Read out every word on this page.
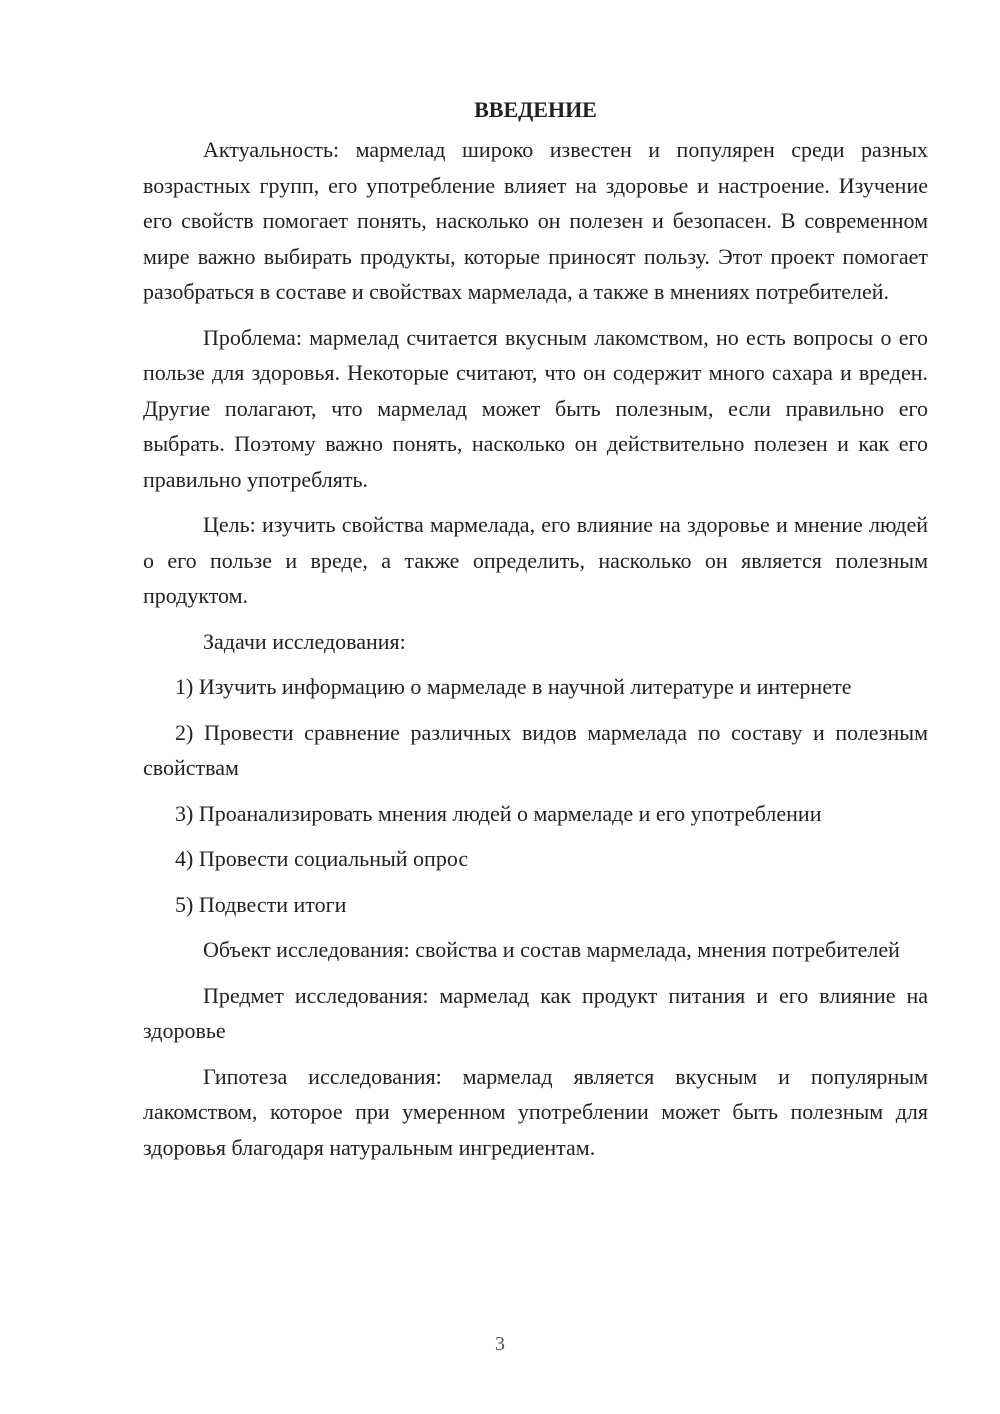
ВВЕДЕНИЕ

Актуальность: мармелад широко известен и популярен среди разных возрастных групп, его употребление влияет на здоровье и настроение. Изучение его свойств помогает понять, насколько он полезен и безопасен. В современном мире важно выбирать продукты, которые приносят пользу. Этот проект помогает разобраться в составе и свойствах мармелада, а также в мнениях потребителей.

Проблема: мармелад считается вкусным лакомством, но есть вопросы о его пользе для здоровья. Некоторые считают, что он содержит много сахара и вреден. Другие полагают, что мармелад может быть полезным, если правильно его выбрать. Поэтому важно понять, насколько он действительно полезен и как его правильно употреблять.

Цель: изучить свойства мармелада, его влияние на здоровье и мнение людей о его пользе и вреде, а также определить, насколько он является полезным продуктом.

Задачи исследования:

1) Изучить информацию о мармеладе в научной литературе и интернете

2) Провести сравнение различных видов мармелада по составу и полезным свойствам

3) Проанализировать мнения людей о мармеладе и его употреблении

4) Провести социальный опрос

5) Подвести итоги

Объект исследования: свойства и состав мармелада, мнения потребителей

Предмет исследования: мармелад как продукт питания и его влияние на здоровье

Гипотеза исследования: мармелад является вкусным и популярным лакомством, которое при умеренном употреблении может быть полезным для здоровья благодаря натуральным ингредиентам.

3
